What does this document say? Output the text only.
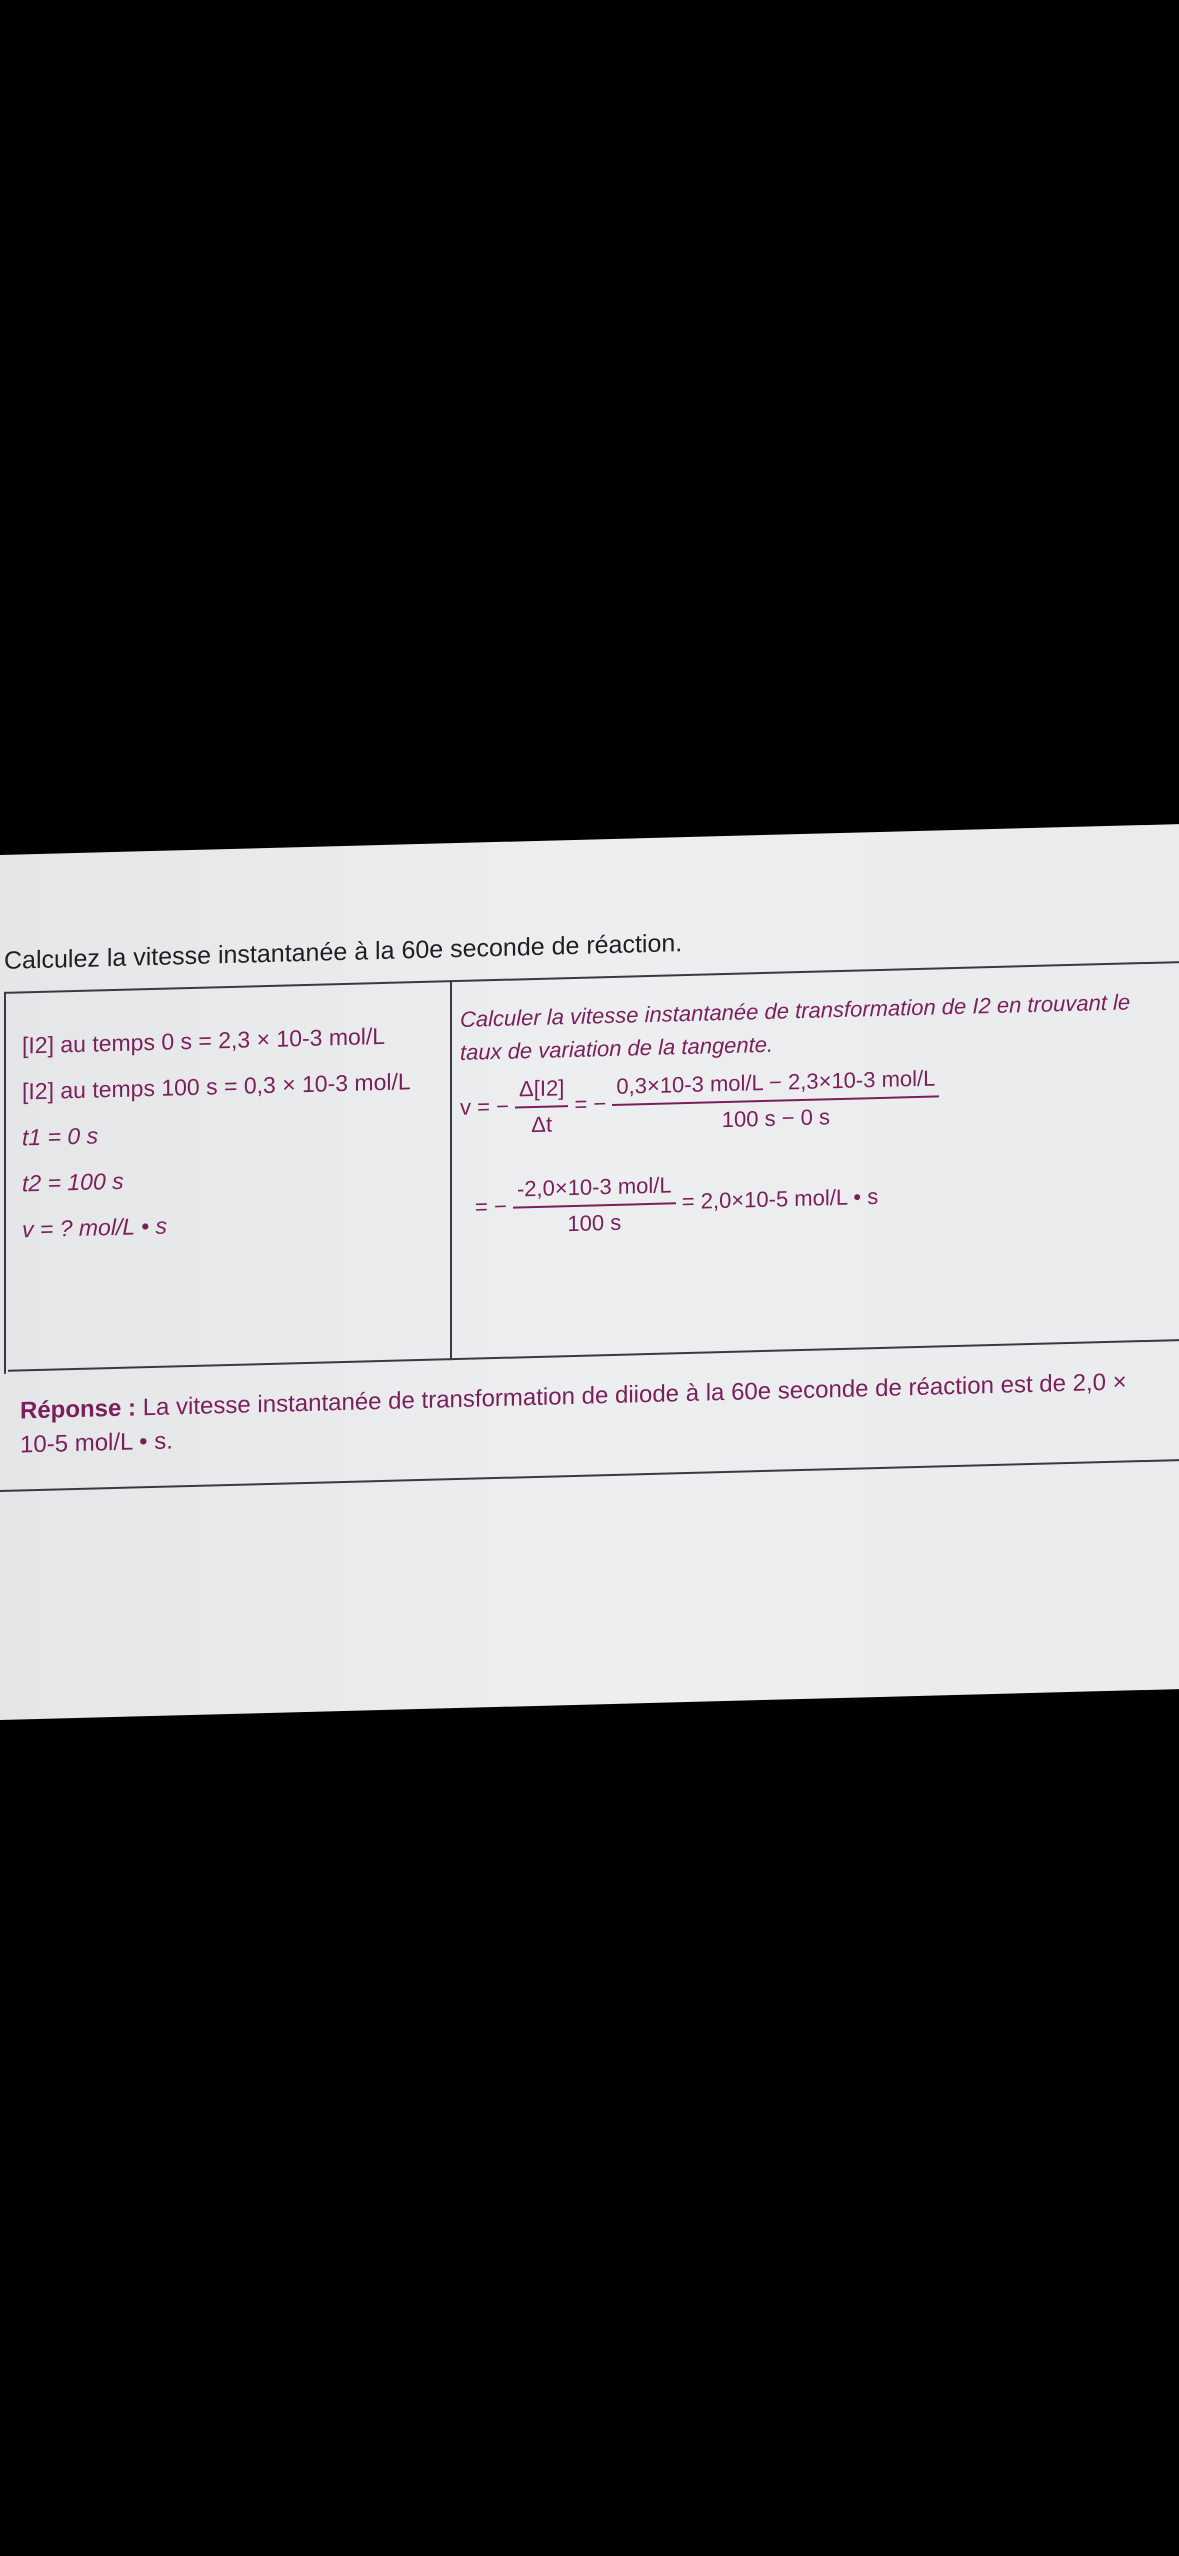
Calculez la vitesse instantanée à la 60e seconde de réaction.
[I2] au temps 0 s = 2,3 × 10-3 mol/L
[I2] au temps 100 s = 0,3 × 10-3 mol/L
t1 = 0 s
t2 = 100 s
v = ? mol/L • s
Calculer la vitesse instantanée de transformation de I2 en trouvant le taux de variation de la tangente.
v = − $\frac{\Delta[I2]}{\Delta t}$ = − $\frac{\text{0,3×10-3 mol/L − 2,3×10-3 mol/L}}{100 s - 0 s}$
= − $\frac{\text{-2,0×10-3 mol/L}}{100 s} = 2,0\times 10-5$ mol/L • s
Réponse : La vitesse instantanée de transformation de diiode à la 60e seconde de réaction est de 2,0 × 10-5 mol/L • s.
